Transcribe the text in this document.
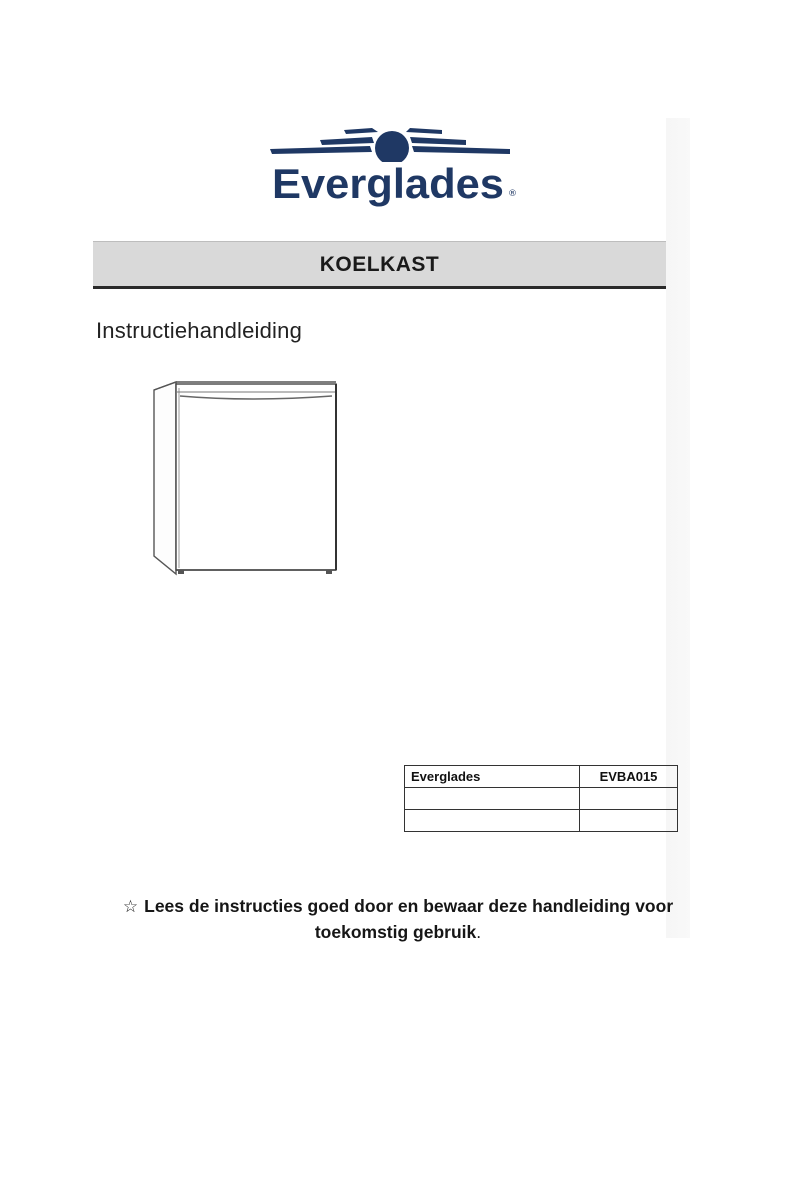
Everglades ®
KOELKAST
Instructiehandleiding
Everglades	EVBA015

☆ Lees de instructies goed door en bewaar deze handleiding voor toekomstig gebruik.
